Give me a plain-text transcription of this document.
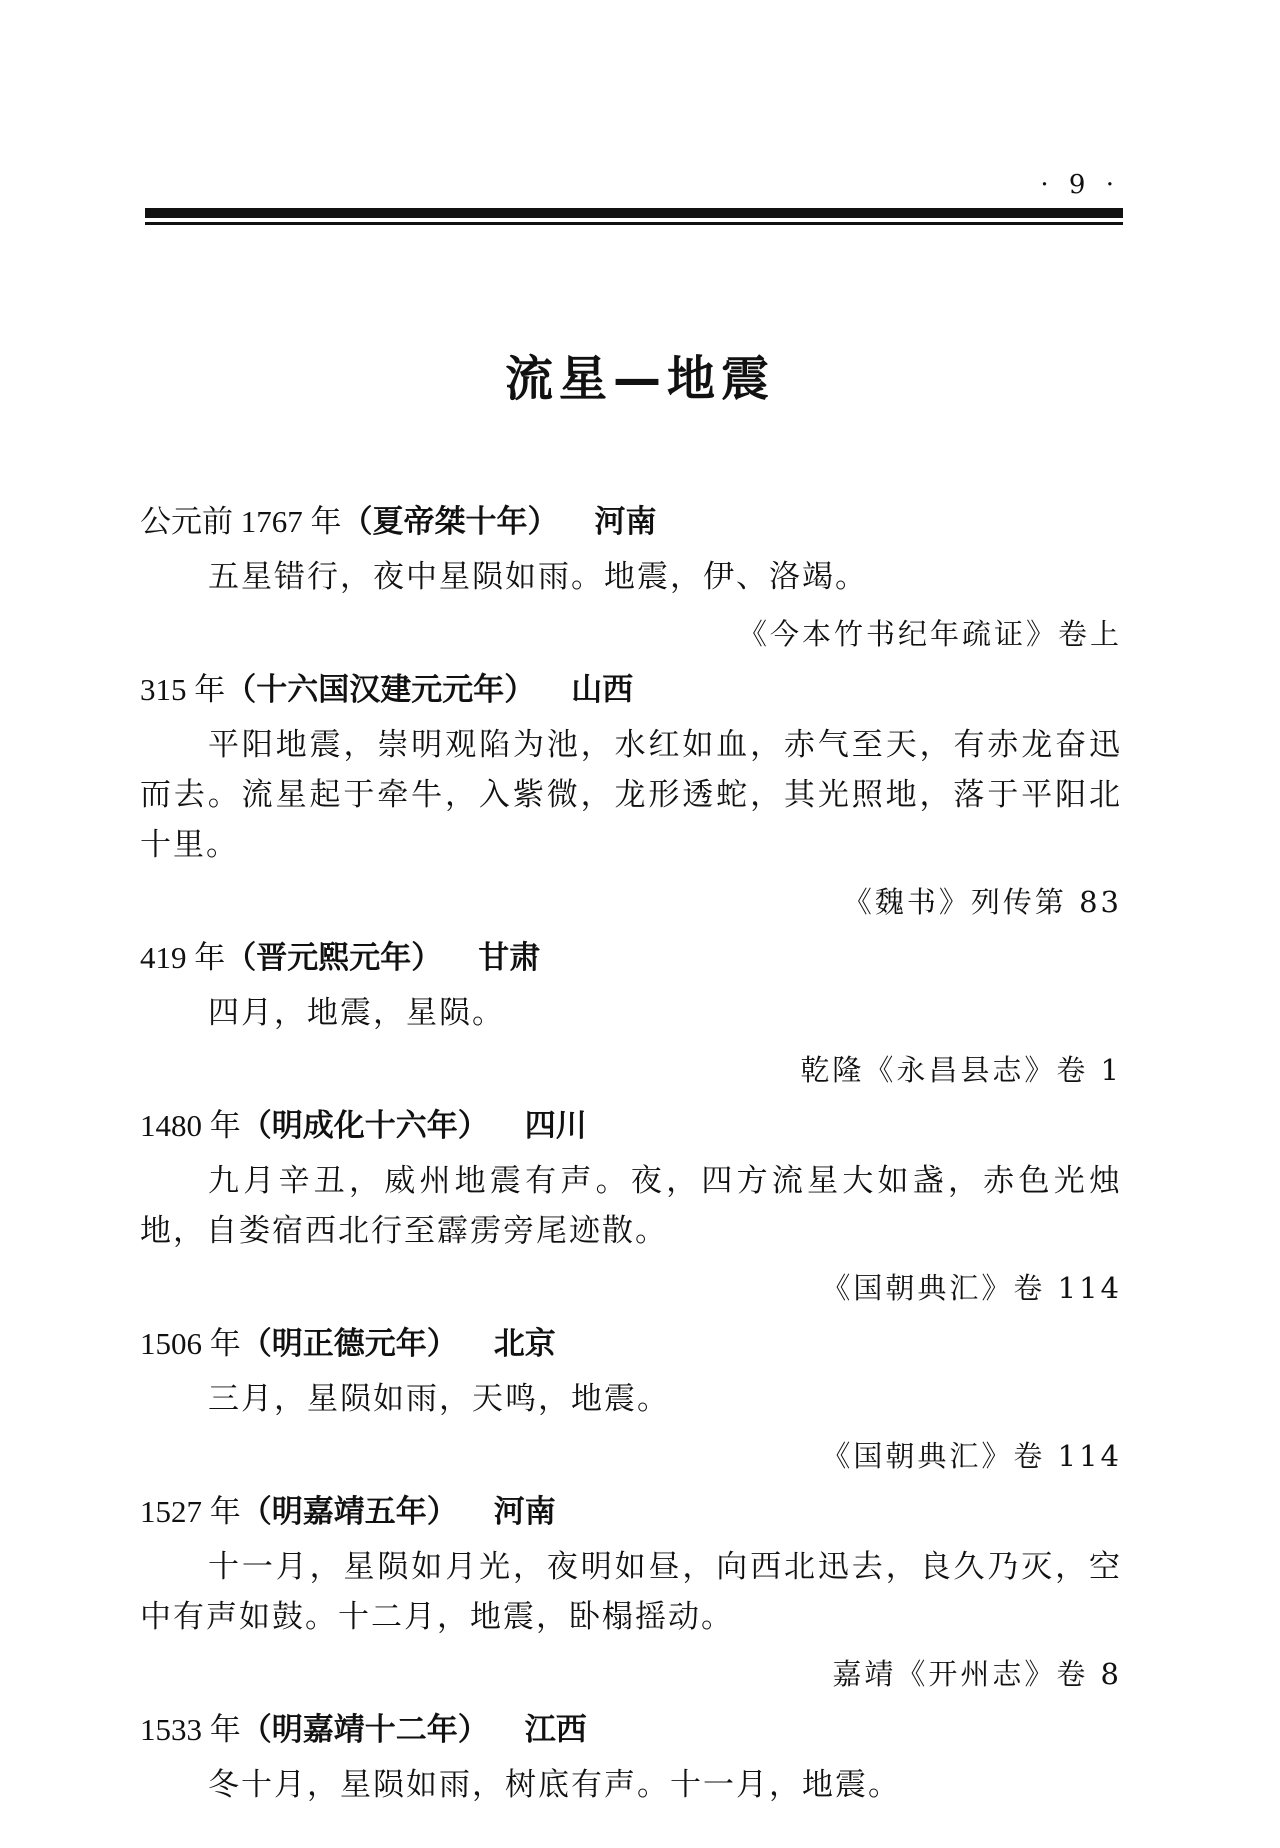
· 9 ·
流星—地震
公元前 1767 年（夏帝桀十年） 河南

五星错行，夜中星陨如雨。地震，伊、洛竭。

《今本竹书纪年疏证》卷上
315 年（十六国汉建元元年） 山西

平阳地震，崇明观陷为池，水红如血，赤气至天，有赤龙奋迅而去。流星起于牵牛，入紫微，龙形透蛇，其光照地，落于平阳北十里。

《魏书》列传第 83
419 年（晋元熙元年） 甘肃

四月，地震，星陨。

乾隆《永昌县志》卷 1
1480 年（明成化十六年） 四川

九月辛丑，威州地震有声。夜，四方流星大如盏，赤色光烛地，自娄宿西北行至霹雳旁尾迹散。

《国朝典汇》卷 114
1506 年（明正德元年） 北京

三月，星陨如雨，天鸣，地震。

《国朝典汇》卷 114
1527 年（明嘉靖五年） 河南

十一月，星陨如月光，夜明如昼，向西北迅去，良久乃灭，空中有声如鼓。十二月，地震，卧榻摇动。

嘉靖《开州志》卷 8
1533 年（明嘉靖十二年） 江西

冬十月，星陨如雨，树底有声。十一月，地震。
